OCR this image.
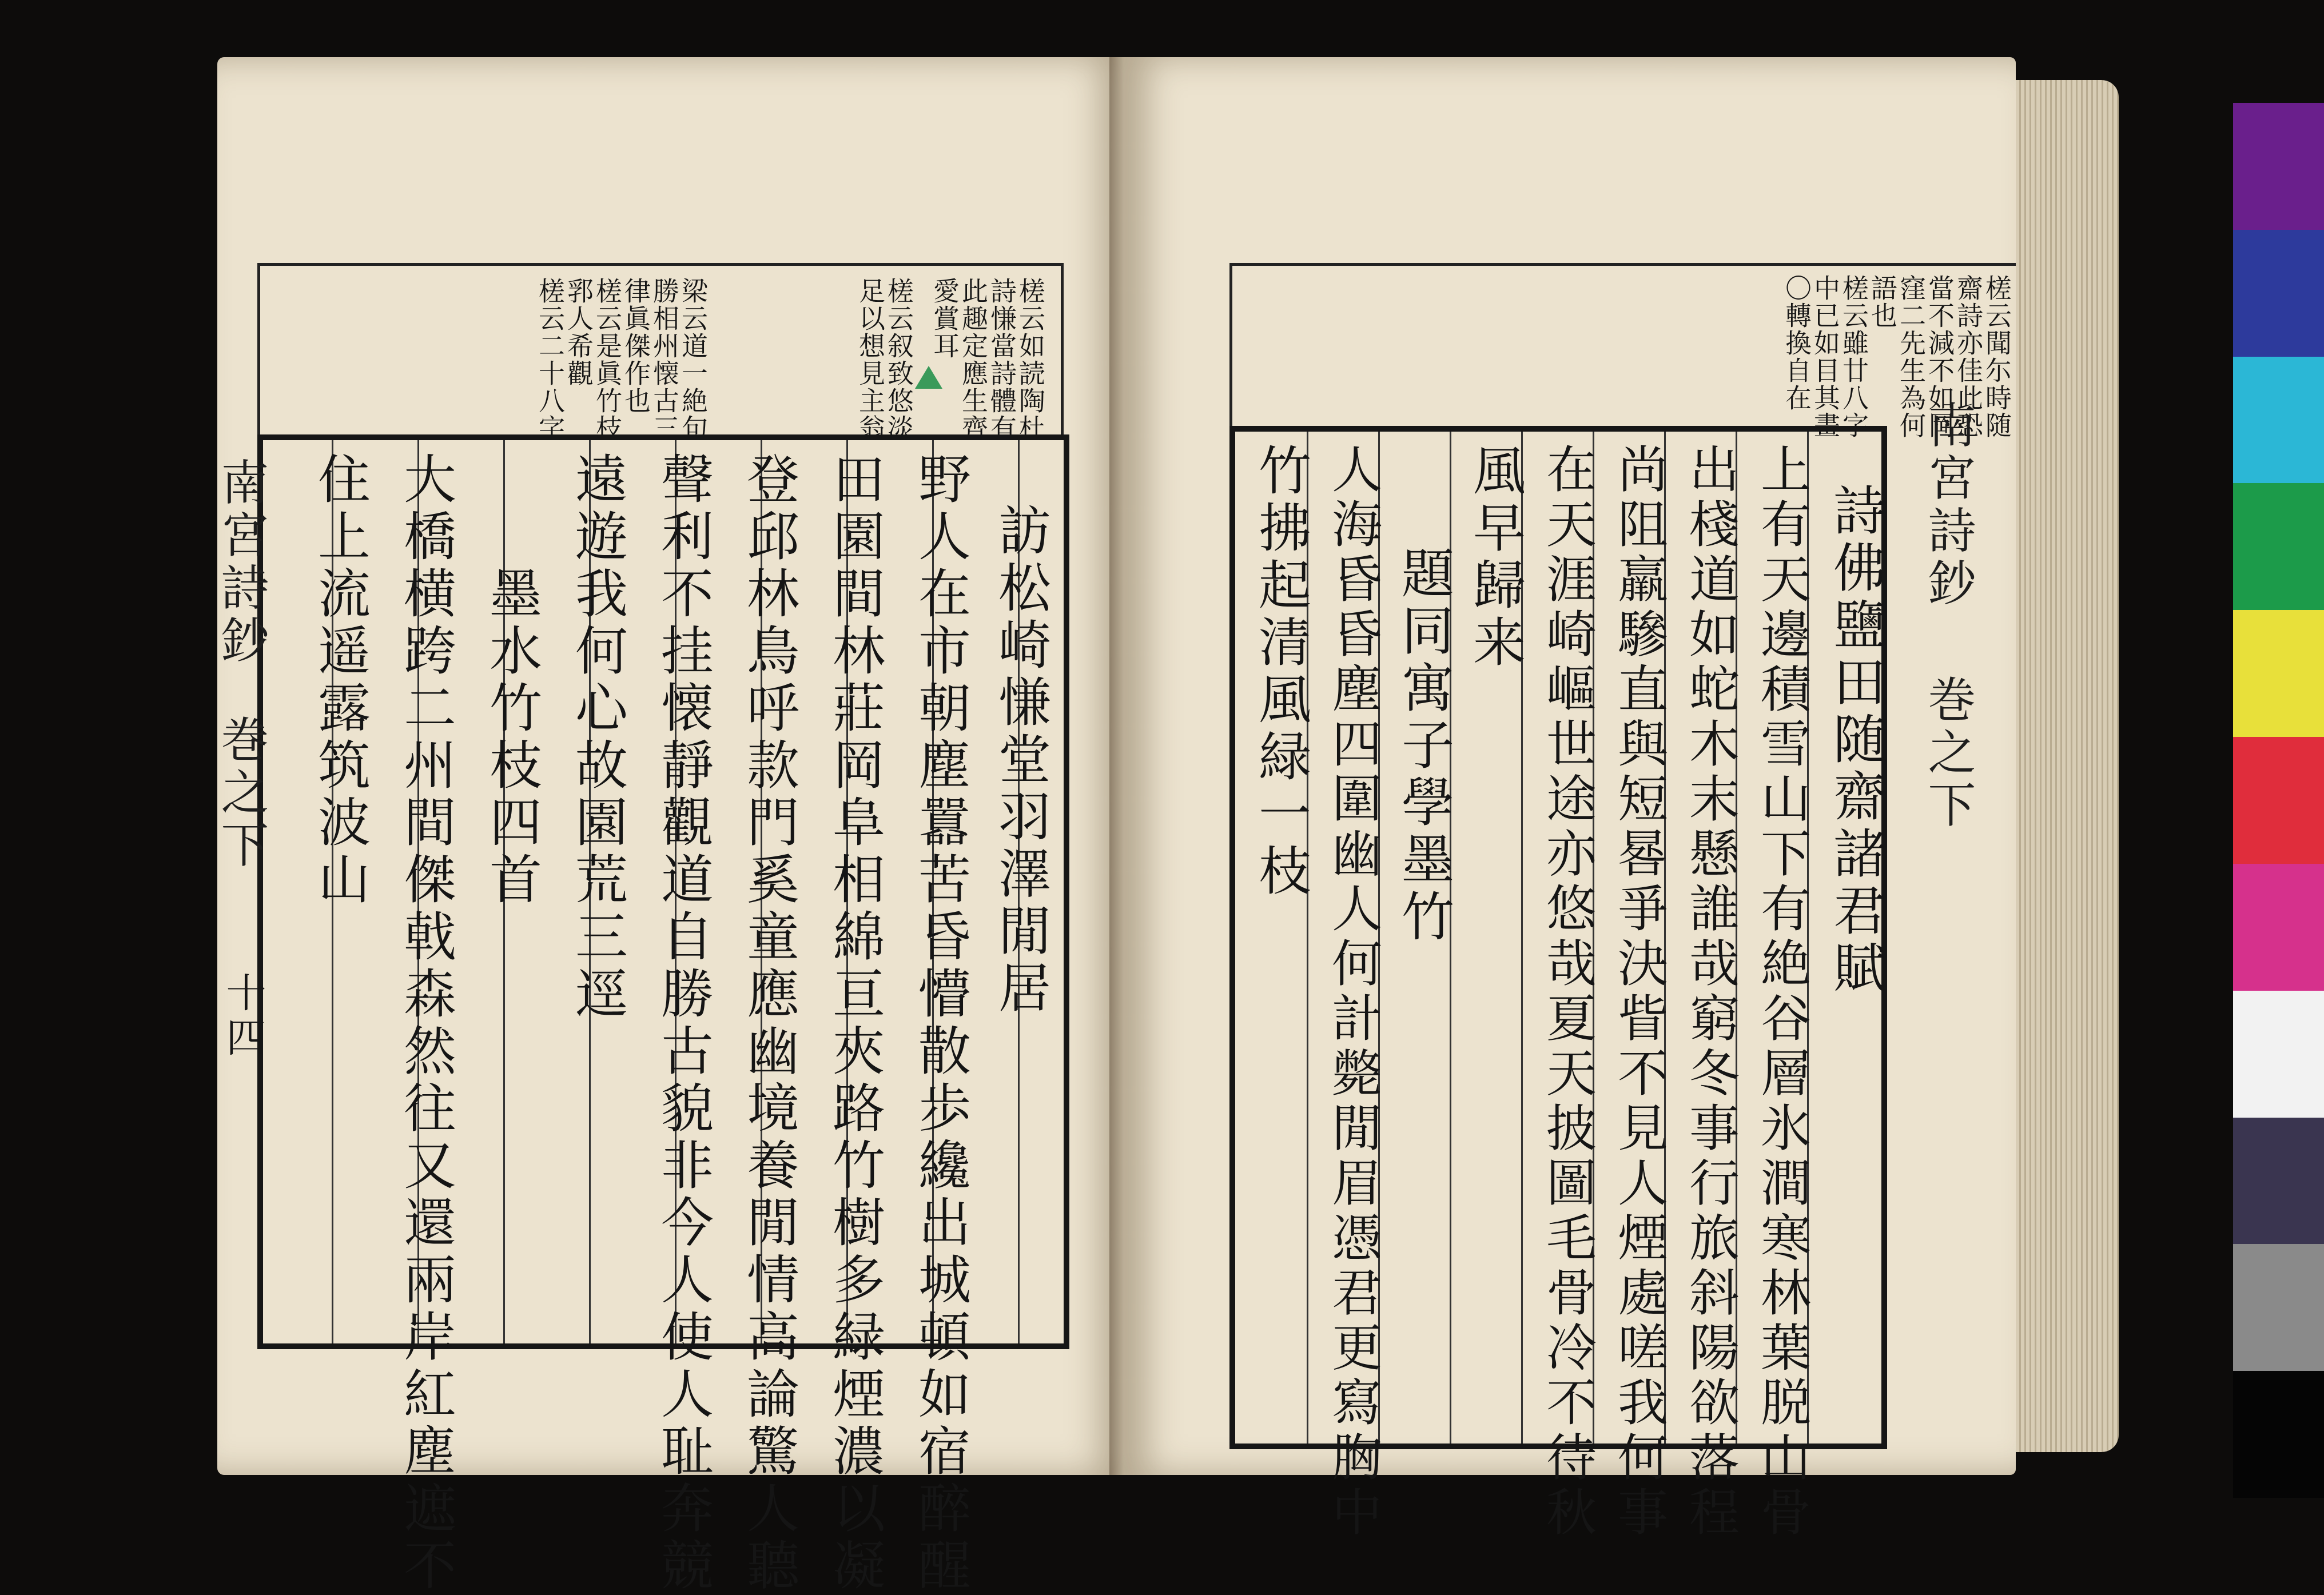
槎云如読陶杜
詩慊當詩體有
此趣定應生齊
愛賞耳
槎云叙致悠淡
足以想見主翁
梁云道一絶句
勝相州懐古三
律眞傑作也
槎云是眞竹枝
郛人希觀
槎云二十八字
訪松崎慊堂羽澤閒居
野人在市朝塵囂苦昏懵散歩纔出城頓如宿醉醒
田園間林莊岡阜相綿亘夾路竹樹多緑煙濃以凝
登邱林鳥呼款門奚童應幽境養閒情高論驚人聽
聲利不挂懐靜觀道自勝古貌非今人使人耻奔競
遠遊我何心故園荒三逕
墨水竹枝四首
大橋横跨二州間傑戟森然往又還兩岸紅塵遮不
住上流遥露筑波山
南宮詩鈔
巻之下
十四
槎云聞尓時随
齋詩亦佳此恐
當不減不如岡
窪二先生為何
語也
槎云雖廿八字
中已如目其畫
〇轉換自在
詩佛鹽田随齋諸君賦
上有天邊積雪山下有絶谷層氷澗寒林葉脱山骨
出棧道如蛇木末懸誰哉窮冬事行旅斜陽欲落程
尚阻羸驂直與短晷爭決眥不見人煙處嗟我何事
在天涯崎嶇世途亦悠哉夏天披圖毛骨冷不待秋
風早歸来
題同寓子學墨竹
人海昏昏塵四圍幽人何計斃閒眉憑君更寫胸中
竹拂起清風緑一枝	南宮詩鈔
巻之下
